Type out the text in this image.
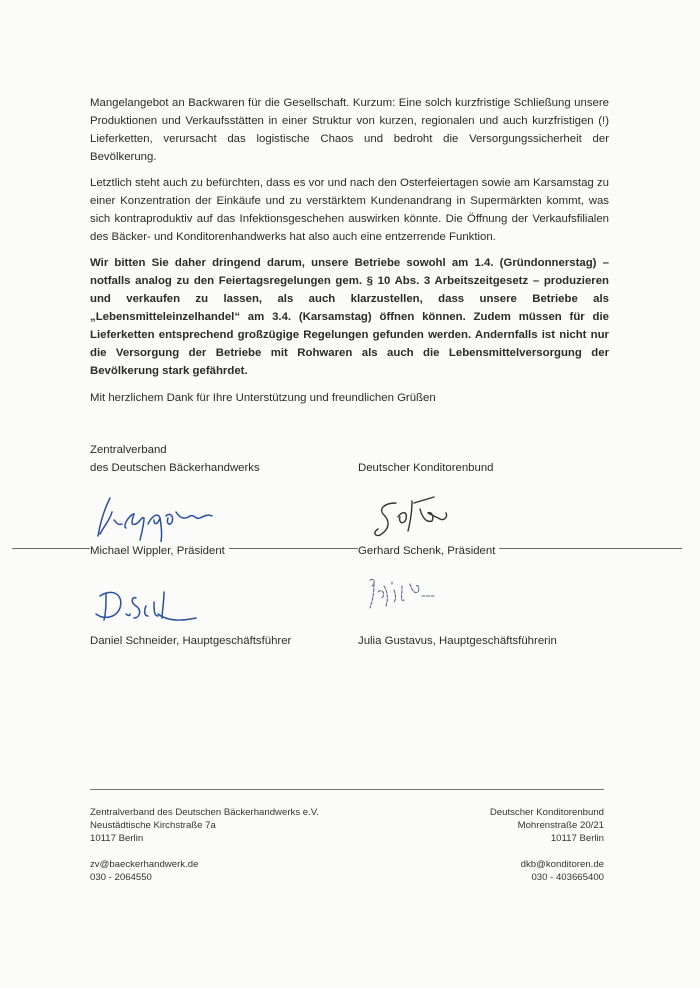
Mangelangebot an Backwaren für die Gesellschaft. Kurzum: Eine solch kurzfristige Schließung unsere Produktionen und Verkaufsstätten in einer Struktur von kurzen, regionalen und auch kurzfristigen (!) Lieferketten, verursacht das logistische Chaos und bedroht die Versorgungssicherheit der Bevölkerung.

Letztlich steht auch zu befürchten, dass es vor und nach den Osterfeiertagen sowie am Karsamstag zu einer Konzentration der Einkäufe und zu verstärktem Kundenandrang in Supermärkten kommt, was sich kontraproduktiv auf das Infektionsgeschehen auswirken könnte. Die Öffnung der Verkaufsfilialen des Bäcker- und Konditorenhandwerks hat also auch eine entzerrende Funktion.

Wir bitten Sie daher dringend darum, unsere Betriebe sowohl am 1.4. (Gründonnerstag) – notfalls analog zu den Feiertagsregelungen gem. § 10 Abs. 3 Arbeitszeitgesetz – produzieren und verkaufen zu lassen, als auch klarzustellen, dass unsere Betriebe als „Lebensmitteleinzelhandel“ am 3.4. (Karsamstag) öffnen können. Zudem müssen für die Lieferketten entsprechend großzügige Regelungen gefunden werden. Andernfalls ist nicht nur die Versorgung der Betriebe mit Rohwaren als auch die Lebensmittelversorgung der Bevölkerung stark gefährdet.

Mit herzlichem Dank für Ihre Unterstützung und freundlichen Grüßen
Zentralverband
des Deutschen Bäckerhandwerks	Deutscher Konditorenbund
Michael Wippler, Präsident	Gerhard Schenk, Präsident
Daniel Schneider, Hauptgeschäftsführer	Julia Gustavus, Hauptgeschäftsführerin
Zentralverband des Deutschen Bäckerhandwerks e.V.
Neustädtische Kirchstraße 7a
10117 Berlin
zv@baeckerhandwerk.de
030 - 2064550
Deutscher Konditorenbund
Mohrenstraße 20/21
10117 Berlin
dkb@konditoren.de
030 - 403665400
